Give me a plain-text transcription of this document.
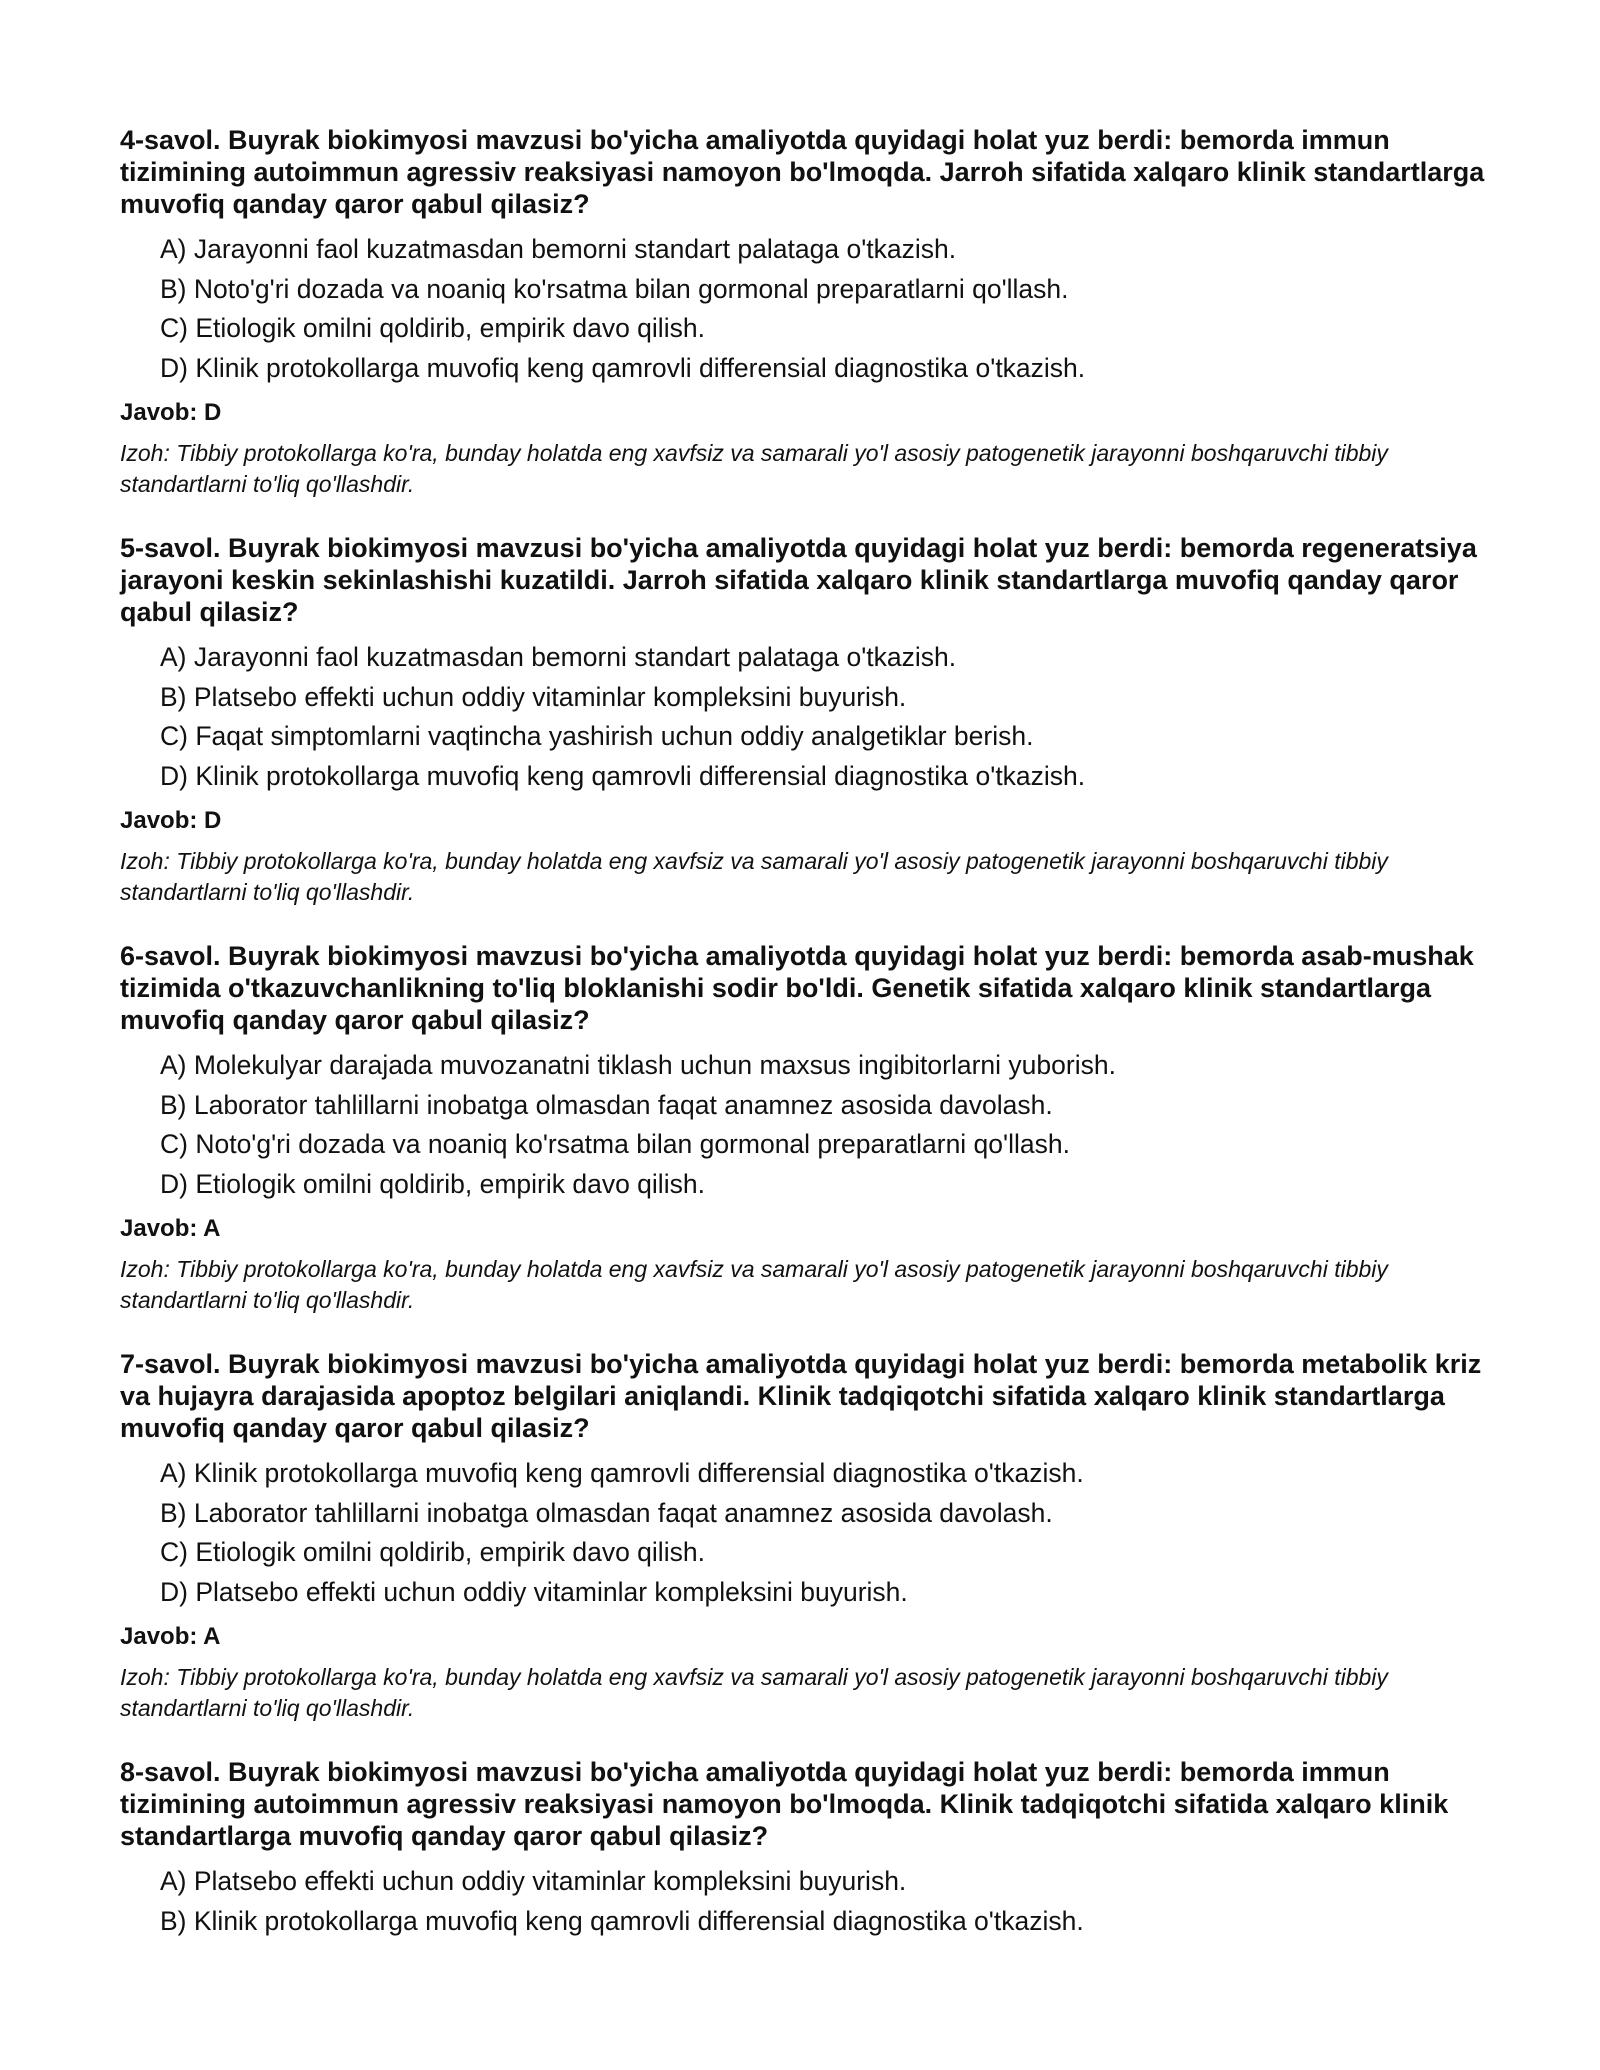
4-savol. Buyrak biokimyosi mavzusi bo'yicha amaliyotda quyidagi holat yuz berdi: bemorda immun tizimining autoimmun agressiv reaksiyasi namoyon bo'lmoqda. Jarroh sifatida xalqaro klinik standartlarga muvofiq qanday qaror qabul qilasiz?

A) Jarayonni faol kuzatmasdan bemorni standart palataga o'tkazish.
B) Noto'g'ri dozada va noaniq ko'rsatma bilan gormonal preparatlarni qo'llash.
C) Etiologik omilni qoldirib, empirik davo qilish.
D) Klinik protokollarga muvofiq keng qamrovli differensial diagnostika o'tkazish.
Javob: D
Izoh: Tibbiy protokollarga ko'ra, bunday holatda eng xavfsiz va samarali yo'l asosiy patogenetik jarayonni boshqaruvchi tibbiy standartlarni to'liq qo'llashdir.

5-savol. Buyrak biokimyosi mavzusi bo'yicha amaliyotda quyidagi holat yuz berdi: bemorda regeneratsiya jarayoni keskin sekinlashishi kuzatildi. Jarroh sifatida xalqaro klinik standartlarga muvofiq qanday qaror qabul qilasiz?

A) Jarayonni faol kuzatmasdan bemorni standart palataga o'tkazish.
B) Platsebo effekti uchun oddiy vitaminlar kompleksini buyurish.
C) Faqat simptomlarni vaqtincha yashirish uchun oddiy analgetiklar berish.
D) Klinik protokollarga muvofiq keng qamrovli differensial diagnostika o'tkazish.
Javob: D
Izoh: Tibbiy protokollarga ko'ra, bunday holatda eng xavfsiz va samarali yo'l asosiy patogenetik jarayonni boshqaruvchi tibbiy standartlarni to'liq qo'llashdir.

6-savol. Buyrak biokimyosi mavzusi bo'yicha amaliyotda quyidagi holat yuz berdi: bemorda asab-mushak tizimida o'tkazuvchanlikning to'liq bloklanishi sodir bo'ldi. Genetik sifatida xalqaro klinik standartlarga muvofiq qanday qaror qabul qilasiz?

A) Molekulyar darajada muvozanatni tiklash uchun maxsus ingibitorlarni yuborish.
B) Laborator tahlillarni inobatga olmasdan faqat anamnez asosida davolash.
C) Noto'g'ri dozada va noaniq ko'rsatma bilan gormonal preparatlarni qo'llash.
D) Etiologik omilni qoldirib, empirik davo qilish.
Javob: A
Izoh: Tibbiy protokollarga ko'ra, bunday holatda eng xavfsiz va samarali yo'l asosiy patogenetik jarayonni boshqaruvchi tibbiy standartlarni to'liq qo'llashdir.

7-savol. Buyrak biokimyosi mavzusi bo'yicha amaliyotda quyidagi holat yuz berdi: bemorda metabolik kriz va hujayra darajasida apoptoz belgilari aniqlandi. Klinik tadqiqotchi sifatida xalqaro klinik standartlarga muvofiq qanday qaror qabul qilasiz?

A) Klinik protokollarga muvofiq keng qamrovli differensial diagnostika o'tkazish.
B) Laborator tahlillarni inobatga olmasdan faqat anamnez asosida davolash.
C) Etiologik omilni qoldirib, empirik davo qilish.
D) Platsebo effekti uchun oddiy vitaminlar kompleksini buyurish.
Javob: A
Izoh: Tibbiy protokollarga ko'ra, bunday holatda eng xavfsiz va samarali yo'l asosiy patogenetik jarayonni boshqaruvchi tibbiy standartlarni to'liq qo'llashdir.

8-savol. Buyrak biokimyosi mavzusi bo'yicha amaliyotda quyidagi holat yuz berdi: bemorda immun tizimining autoimmun agressiv reaksiyasi namoyon bo'lmoqda. Klinik tadqiqotchi sifatida xalqaro klinik standartlarga muvofiq qanday qaror qabul qilasiz?

A) Platsebo effekti uchun oddiy vitaminlar kompleksini buyurish.
B) Klinik protokollarga muvofiq keng qamrovli differensial diagnostika o'tkazish.
